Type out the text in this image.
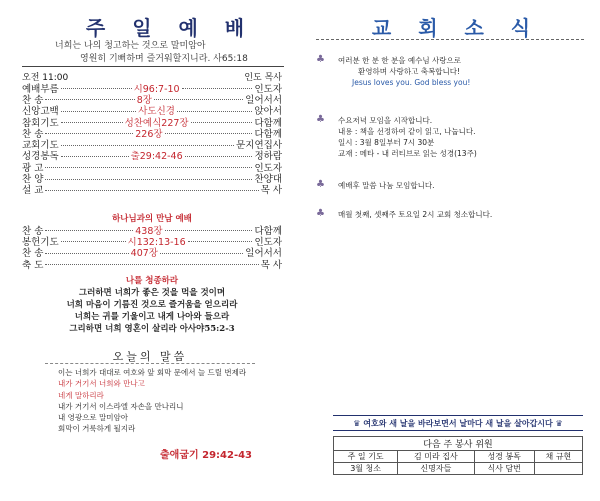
주 일 예 배
너희는 나의 청고하는 것으로 말미암아
영원히 기뻐하며 즐거워할지니라. 사65:18
오전 11:00	인도 목사
예배부름	시96:7-10	인도자
찬 송	8장	일어서서
신앙고백	사도신경	앉아서
참회기도	성찬예식227장	다함께
찬 송	226장	다함께
교회기도	문지연집사
성경봉독	출29:42-46	정하람
광 고	인도자
찬 양	찬양대
설 교	목 사
하나님과의 만남 예배
찬 송	438장	다함께
봉헌기도	시132:13-16	인도자
찬 송	407장	일어서서
축 도	목 사
나를 청종하라
그러하면 너희가 좋은 것을 먹을 것이며
너희 마음이 기름진 것으로 즐거움을 얻으리라
너희는 귀를 기울이고 내게 나아와 들으라
그리하면 너희 영혼이 살리라 아사야55:2-3
오늘의 말씀
이는 너희가 대대로 여호와 앞 회막 문에서 늘 드릴 번제라
내가 거기서 너희와 만나고
네게 말하리라
내가 거기서 이스라엘 자손을 만나리니
내 영광으로 말미암아
회막이 거룩하게 될지라
출애굽기 29:42-43
교 회 소 식
♣	여러분 한 분 한 분을 예수님 사랑으로
환영하며 사랑하고 축복합니다!
Jesus loves you. God bless you!
♣	수요저녁 모임을 시작합니다.
내용 : 책을 선정하여 같이 읽고, 나눕니다.
일시 : 3월 8일부터 7시 30분
교재 : 메타 - 내 러티브로 읽는 성경(13주)
♣	예배후 말씀 나눔 모임합니다.
♣	매월 첫째, 셋째주 토요일 2시 교회 청소합니다.
♛ 여호와 새 날을 바라보면서 날마다 새 날을 살아갑시다 ♛
다음 주 봉사 위원			
주 일 기도	김 미라 집사	성경 봉독	채 규현
3월 청소	신명자들	식사 담번	
